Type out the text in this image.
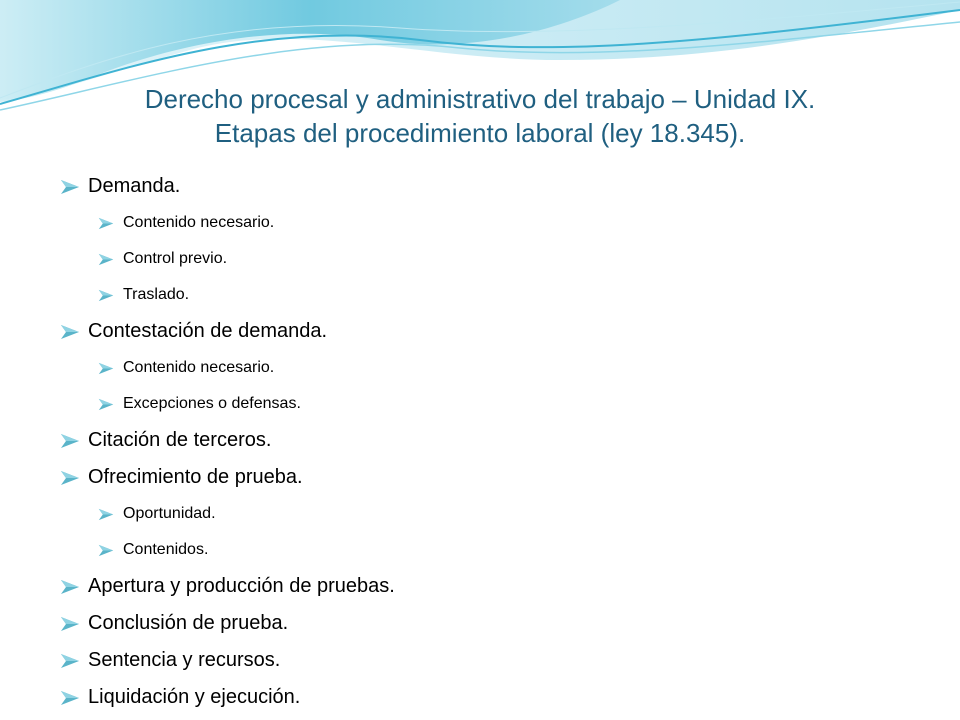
Derecho procesal y administrativo del trabajo – Unidad IX.
Etapas del procedimiento laboral (ley 18.345).
Demanda.
Contenido necesario.
Control previo.
Traslado.
Contestación de demanda.
Contenido necesario.
Excepciones o defensas.
Citación de terceros.
Ofrecimiento de prueba.
Oportunidad.
Contenidos.
Apertura y producción de pruebas.
Conclusión de prueba.
Sentencia y recursos.
Liquidación y ejecución.
